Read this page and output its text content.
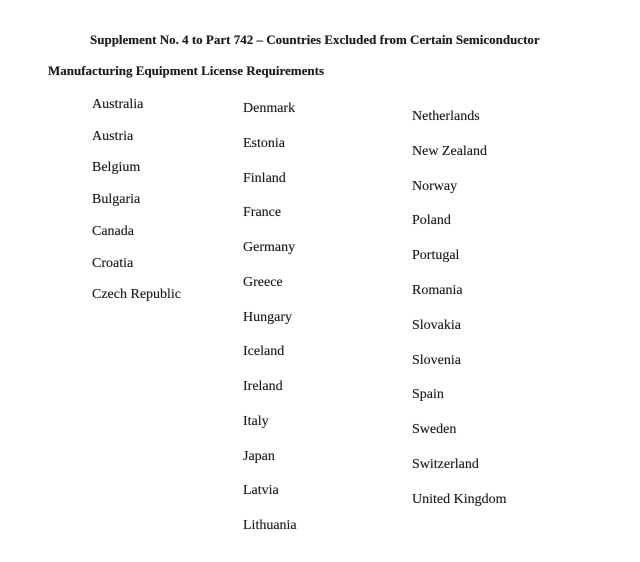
Supplement No. 4 to Part 742 – Countries Excluded from Certain Semiconductor
Manufacturing Equipment License Requirements
Australia
Austria
Belgium
Bulgaria
Canada
Croatia
Czech Republic
Denmark
Estonia
Finland
France
Germany
Greece
Hungary
Iceland
Ireland
Italy
Japan
Latvia
Lithuania
Netherlands
New Zealand
Norway
Poland
Portugal
Romania
Slovakia
Slovenia
Spain
Sweden
Switzerland
United Kingdom
